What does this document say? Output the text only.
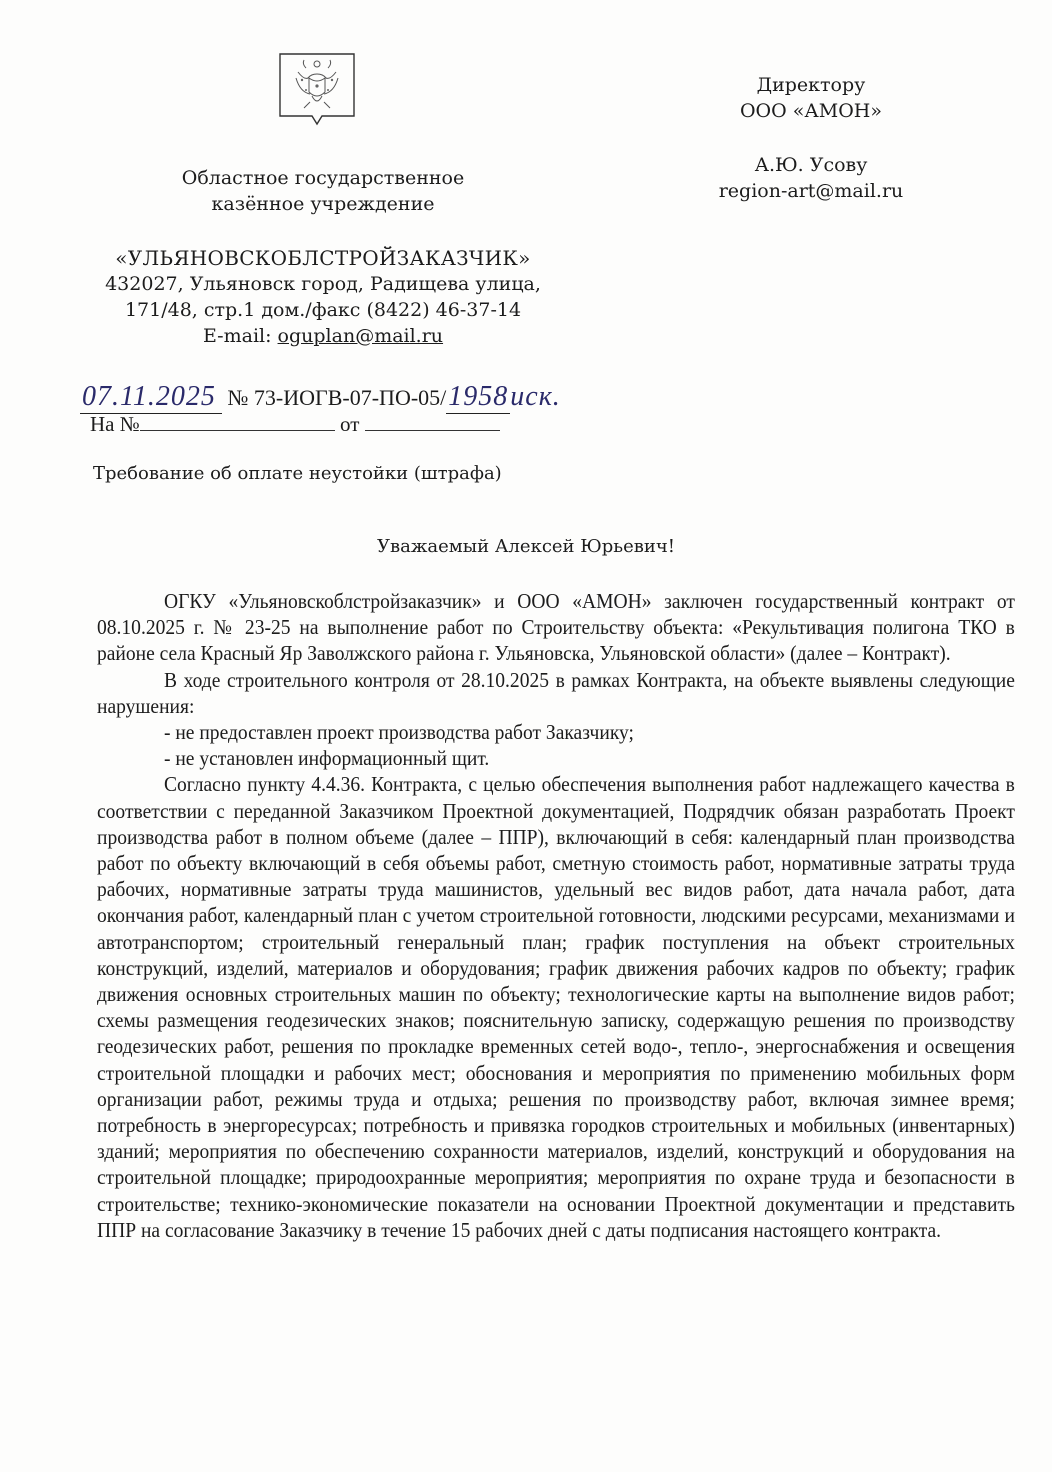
Областное государственное
казённое учреждение
«УЛЬЯНОВСКОБЛСТРОЙЗАКАЗЧИК»
432027, Ульяновск город, Радищева улица,
171/48, стр.1 дом./факс (8422) 46-37-14
E-mail: oguplan@mail.ru
Директору
ООО «АМОН»
А.Ю. Усову
region-art@mail.ru
07.11.2025 № 73-ИОГВ-07-ПО-05/1958иск.
На №	от
Требование об оплате неустойки (штрафа)
Уважаемый Алексей Юрьевич!

ОГКУ «Ульяновскоблстройзаказчик» и ООО «АМОН» заключен государственный контракт от 08.10.2025 г. № 23-25 на выполнение работ по Строительству объекта: «Рекультивация полигона ТКО в районе села Красный Яр Заволжского района г. Ульяновска, Ульяновской области» (далее – Контракт).

В ходе строительного контроля от 28.10.2025 в рамках Контракта, на объекте выявлены следующие нарушения:

- не предоставлен проект производства работ Заказчику;

- не установлен информационный щит.

Согласно пункту 4.4.36. Контракта, с целью обеспечения выполнения работ надлежащего качества в соответствии с переданной Заказчиком Проектной документацией, Подрядчик обязан разработать Проект производства работ в полном объеме (далее – ППР), включающий в себя: календарный план производства работ по объекту включающий в себя объемы работ, сметную стоимость работ, нормативные затраты труда рабочих, нормативные затраты труда машинистов, удельный вес видов работ, дата начала работ, дата окончания работ, календарный план с учетом строительной готовности, людскими ресурсами, механизмами и автотранспортом; строительный генеральный план; график поступления на объект строительных конструкций, изделий, материалов и оборудования; график движения рабочих кадров по объекту; график движения основных строительных машин по объекту; технологические карты на выполнение видов работ; схемы размещения геодезических знаков; пояснительную записку, содержащую решения по производству геодезических работ, решения по прокладке временных сетей водо-, тепло-, энергоснабжения и освещения строительной площадки и рабочих мест; обоснования и мероприятия по применению мобильных форм организации работ, режимы труда и отдыха; решения по производству работ, включая зимнее время; потребность в энергоресурсах; потребность и привязка городков строительных и мобильных (инвентарных) зданий; мероприятия по обеспечению сохранности материалов, изделий, конструкций и оборудования на строительной площадке; природоохранные мероприятия; мероприятия по охране труда и безопасности в строительстве; технико-экономические показатели на основании Проектной документации и представить ППР на согласование Заказчику в течение 15 рабочих дней с даты подписания настоящего контракта.
